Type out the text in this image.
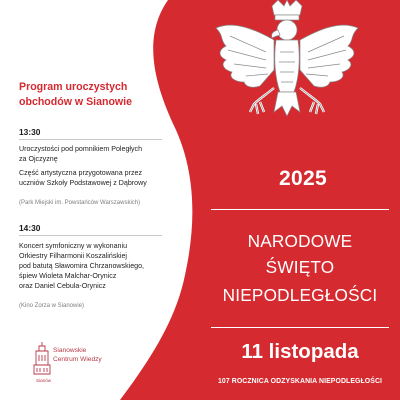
Program uroczystych
obchodów w Sianowie
13:30
Uroczystości pod pomnikiem Poległych
za Ojczyznę
Część artystyczna przygotowana przez
uczniów Szkoły Podstawowej z Dąbrowy
(Park Miejski im. Powstańców Warszawskich)
14:30
Koncert symfoniczny w wykonaniu
Orkiestry Filharmonii Koszalińskiej
pod batutą Sławomira Chrzanowskiego,
śpiew Wioleta Malchar-Orynicz
oraz Daniel Cebula-Orynicz
(Kino Zorza w Sianowie)
Sianowskie
Centrum Wiedzy
Sianów
2025
NARODOWE
ŚWIĘTO
NIEPODLEGŁOŚCI
11 listopada
107 ROCZNICA ODZYSKANIA NIEPODLEGŁOŚCI
